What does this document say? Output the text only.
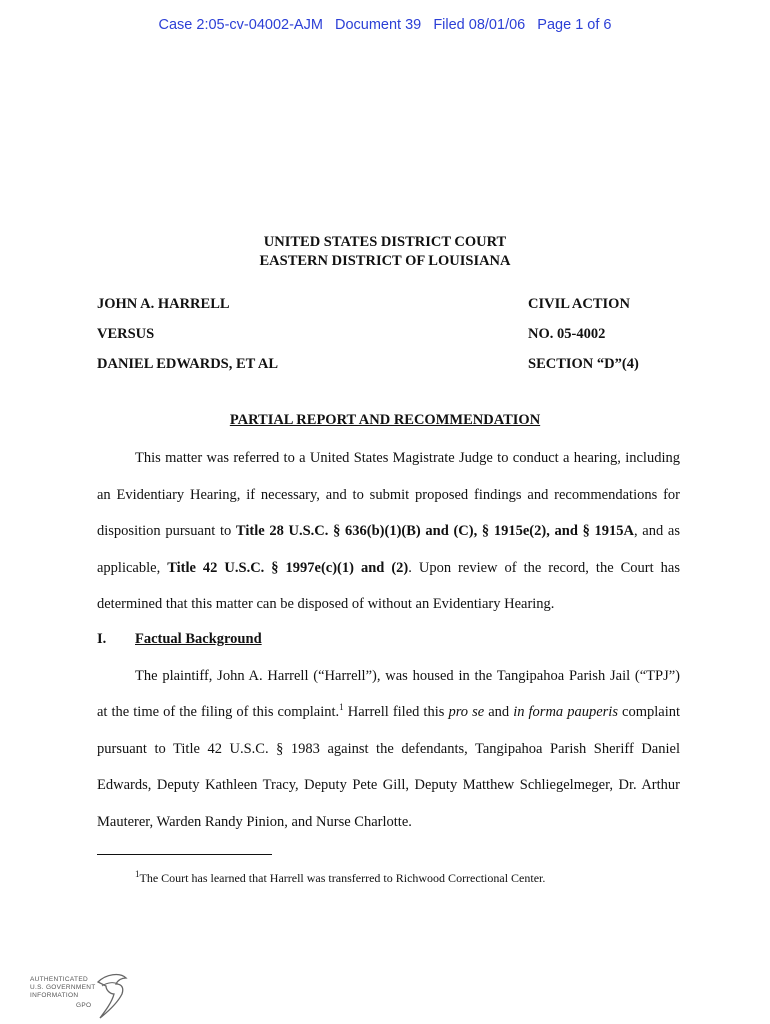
Case 2:05-cv-04002-AJM   Document 39   Filed 08/01/06   Page 1 of 6
UNITED STATES DISTRICT COURT
EASTERN DISTRICT OF LOUISIANA
JOHN A. HARRELL	CIVIL ACTION
VERSUS	NO. 05-4002
DANIEL EDWARDS, ET AL	SECTION “D”(4)
PARTIAL REPORT AND RECOMMENDATION
This matter was referred to a United States Magistrate Judge to conduct a hearing, including
an Evidentiary Hearing, if necessary, and to submit proposed findings and recommendations for
disposition pursuant to Title 28 U.S.C. § 636(b)(1)(B) and (C), § 1915e(2), and § 1915A, and as
applicable, Title 42 U.S.C. § 1997e(c)(1) and (2). Upon review of the record, the Court has
determined that this matter can be disposed of without an Evidentiary Hearing.
I. Factual Background
The plaintiff, John A. Harrell (“Harrell”), was housed in the Tangipahoa Parish Jail (“TPJ”)
at the time of the filing of this complaint.$^1$ Harrell filed this pro se and in forma pauperis complaint
pursuant to Title 42 U.S.C. § 1983 against the defendants, Tangipahoa Parish Sheriff Daniel
Edwards, Deputy Kathleen Tracy, Deputy Pete Gill, Deputy Matthew Schliegelmeger, Dr. Arthur
Mauterer, Warden Randy Pinion, and Nurse Charlotte.
$^1$The Court has learned that Harrell was transferred to Richwood Correctional Center.
AUTHENTICATED
U.S. GOVERNMENT
INFORMATION
GPO
